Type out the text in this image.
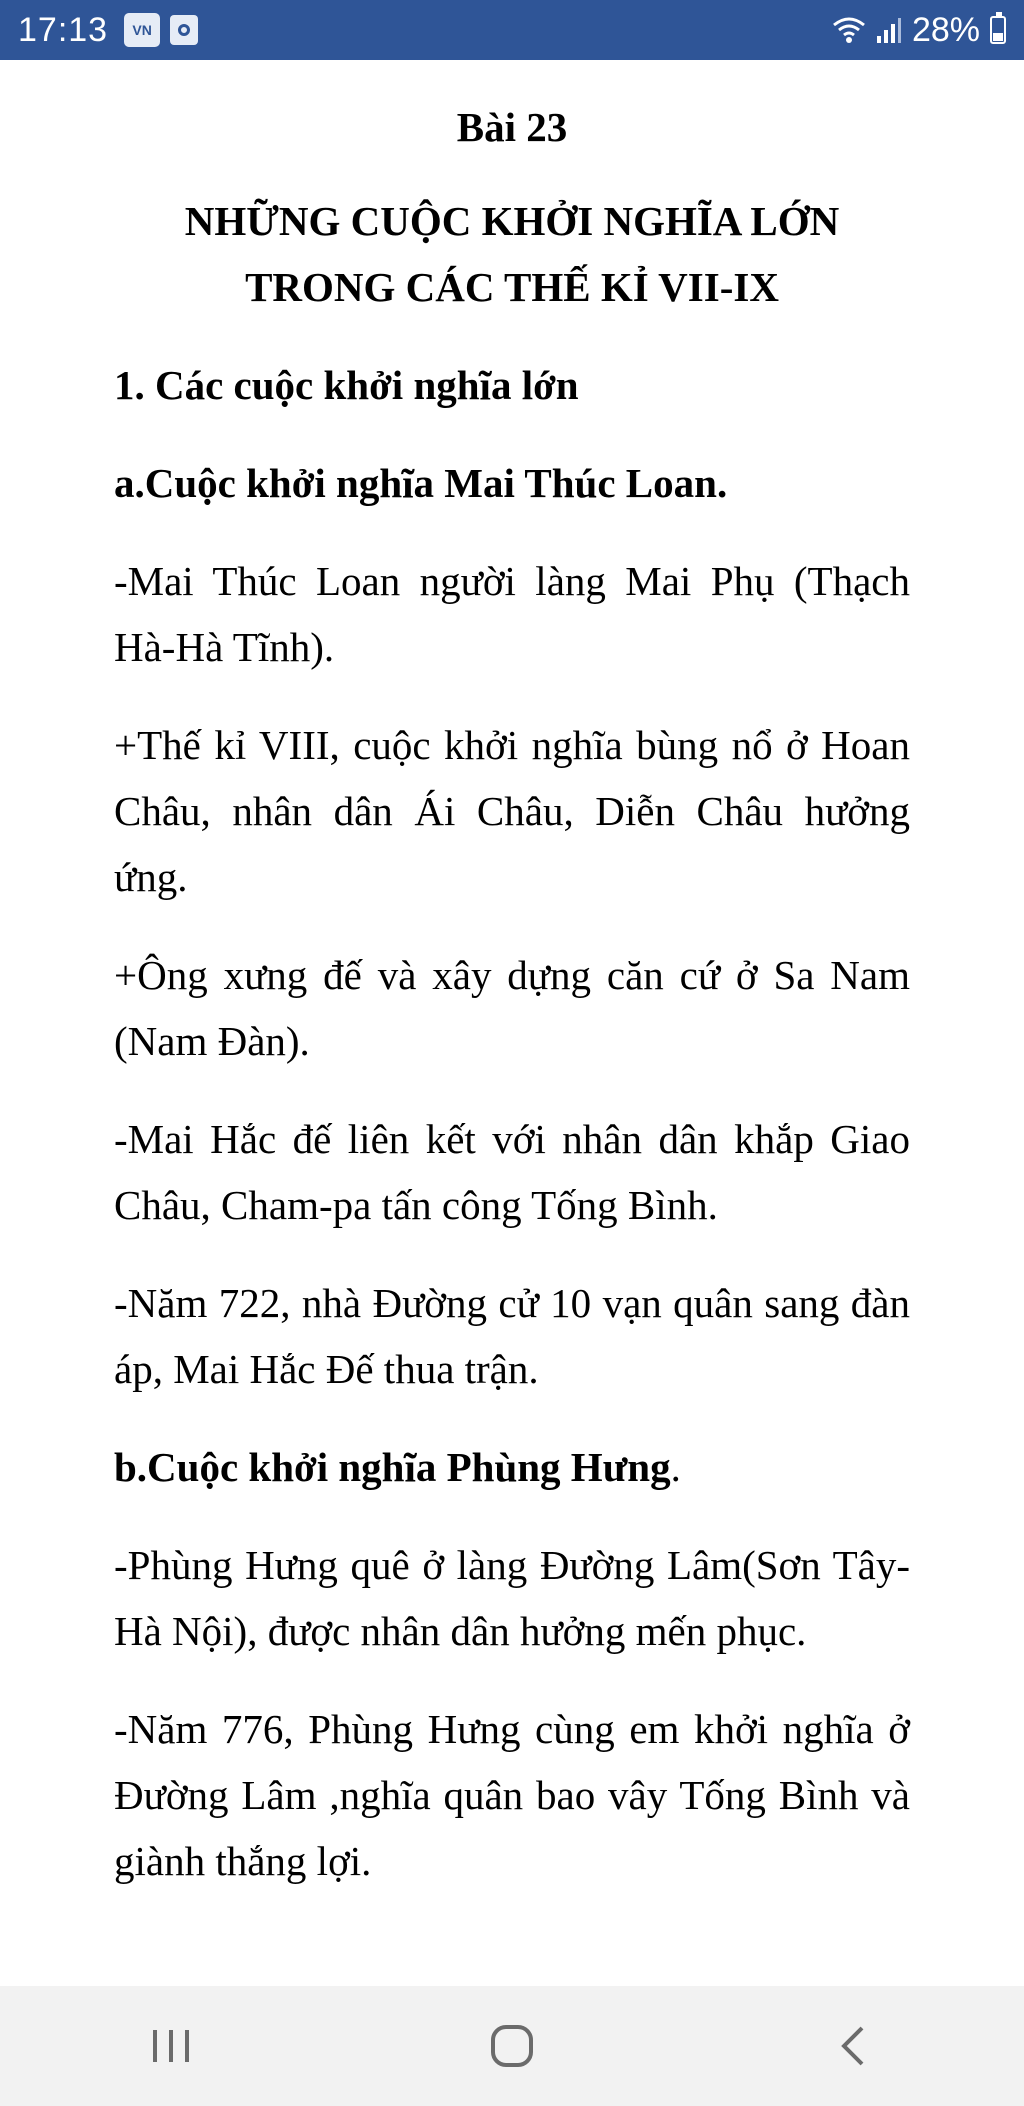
17:13	VN	28%
Bài 23
NHỮNG CUỘC KHỞI NGHĨA LỚN
TRONG CÁC THẾ KỈ VII-IX
1. Các cuộc khởi nghĩa lớn
a.Cuộc khởi nghĩa Mai Thúc Loan.

-Mai Thúc Loan người làng Mai Phụ (Thạch Hà-Hà Tĩnh).

+Thế kỉ VIII, cuộc khởi nghĩa bùng nổ ở Hoan Châu, nhân dân Ái Châu, Diễn Châu hưởng ứng.

+Ông xưng đế và xây dựng căn cứ ở Sa Nam (Nam Đàn).

-Mai Hắc đế liên kết với nhân dân khắp Giao Châu, Cham-pa tấn công Tống Bình.

-Năm 722, nhà Đường cử 10 vạn quân sang đàn áp, Mai Hắc Đế thua trận.

b.Cuộc khởi nghĩa Phùng Hưng.

-Phùng Hưng quê ở làng Đường Lâm(Sơn Tây-Hà Nội), được nhân dân hưởng mến phục.

-Năm 776, Phùng Hưng cùng em khởi nghĩa ở Đường Lâm ,nghĩa quân bao vây Tống Bình và giành thắng lợi.
